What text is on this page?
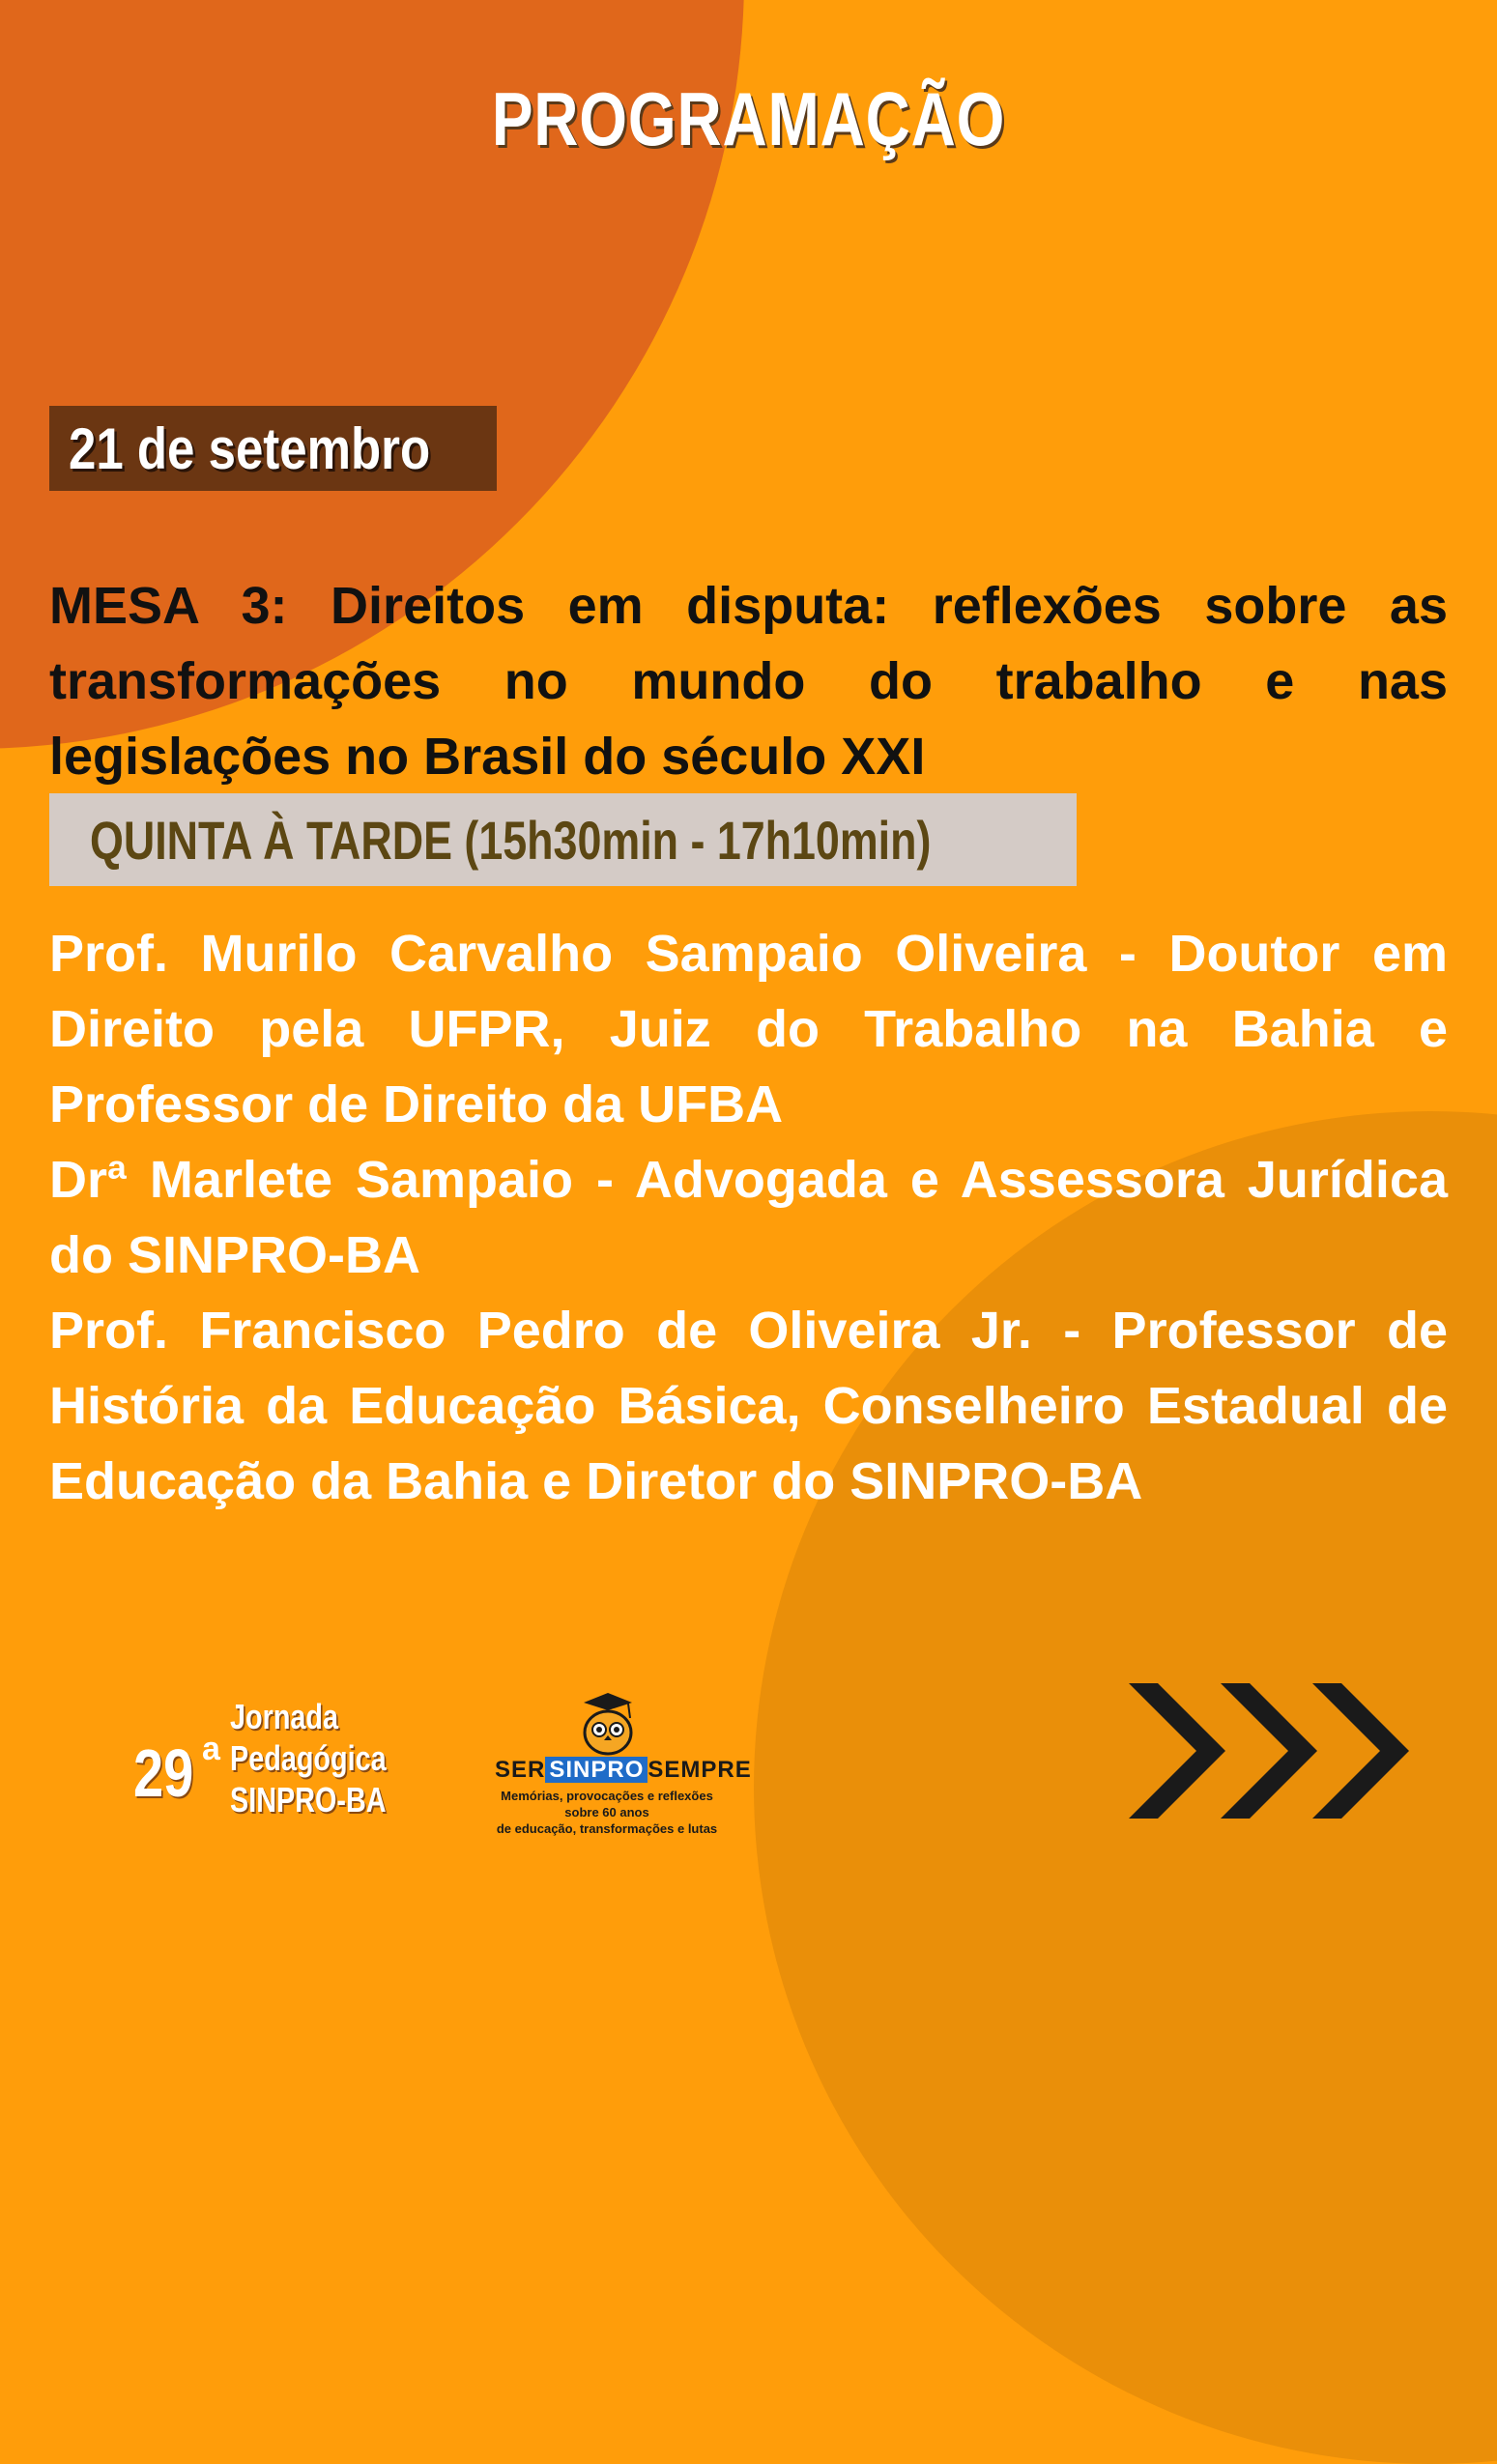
PROGRAMAÇÃO
21 de setembro
MESA 3: Direitos em disputa: reflexões sobre as transformações no mundo do trabalho e nas legislações no Brasil do século XXI
QUINTA À TARDE (15h30min - 17h10min)

Prof. Murilo Carvalho Sampaio Oliveira - Doutor em Direito pela UFPR, Juiz do Trabalho na Bahia e Professor de Direito da UFBA

Drª Marlete Sampaio - Advogada e Assessora Jurídica do SINPRO-BA

Prof. Francisco Pedro de Oliveira Jr. - Professor de História da Educação Básica, Conselheiro Estadual de Educação da Bahia e Diretor do SINPRO-BA

29 a
Jornada
Pedagógica
SINPRO-BA
SER SINPRO SEMPRE
Memórias, provocações e reflexões
sobre 60 anos
de educação, transformações e lutas
